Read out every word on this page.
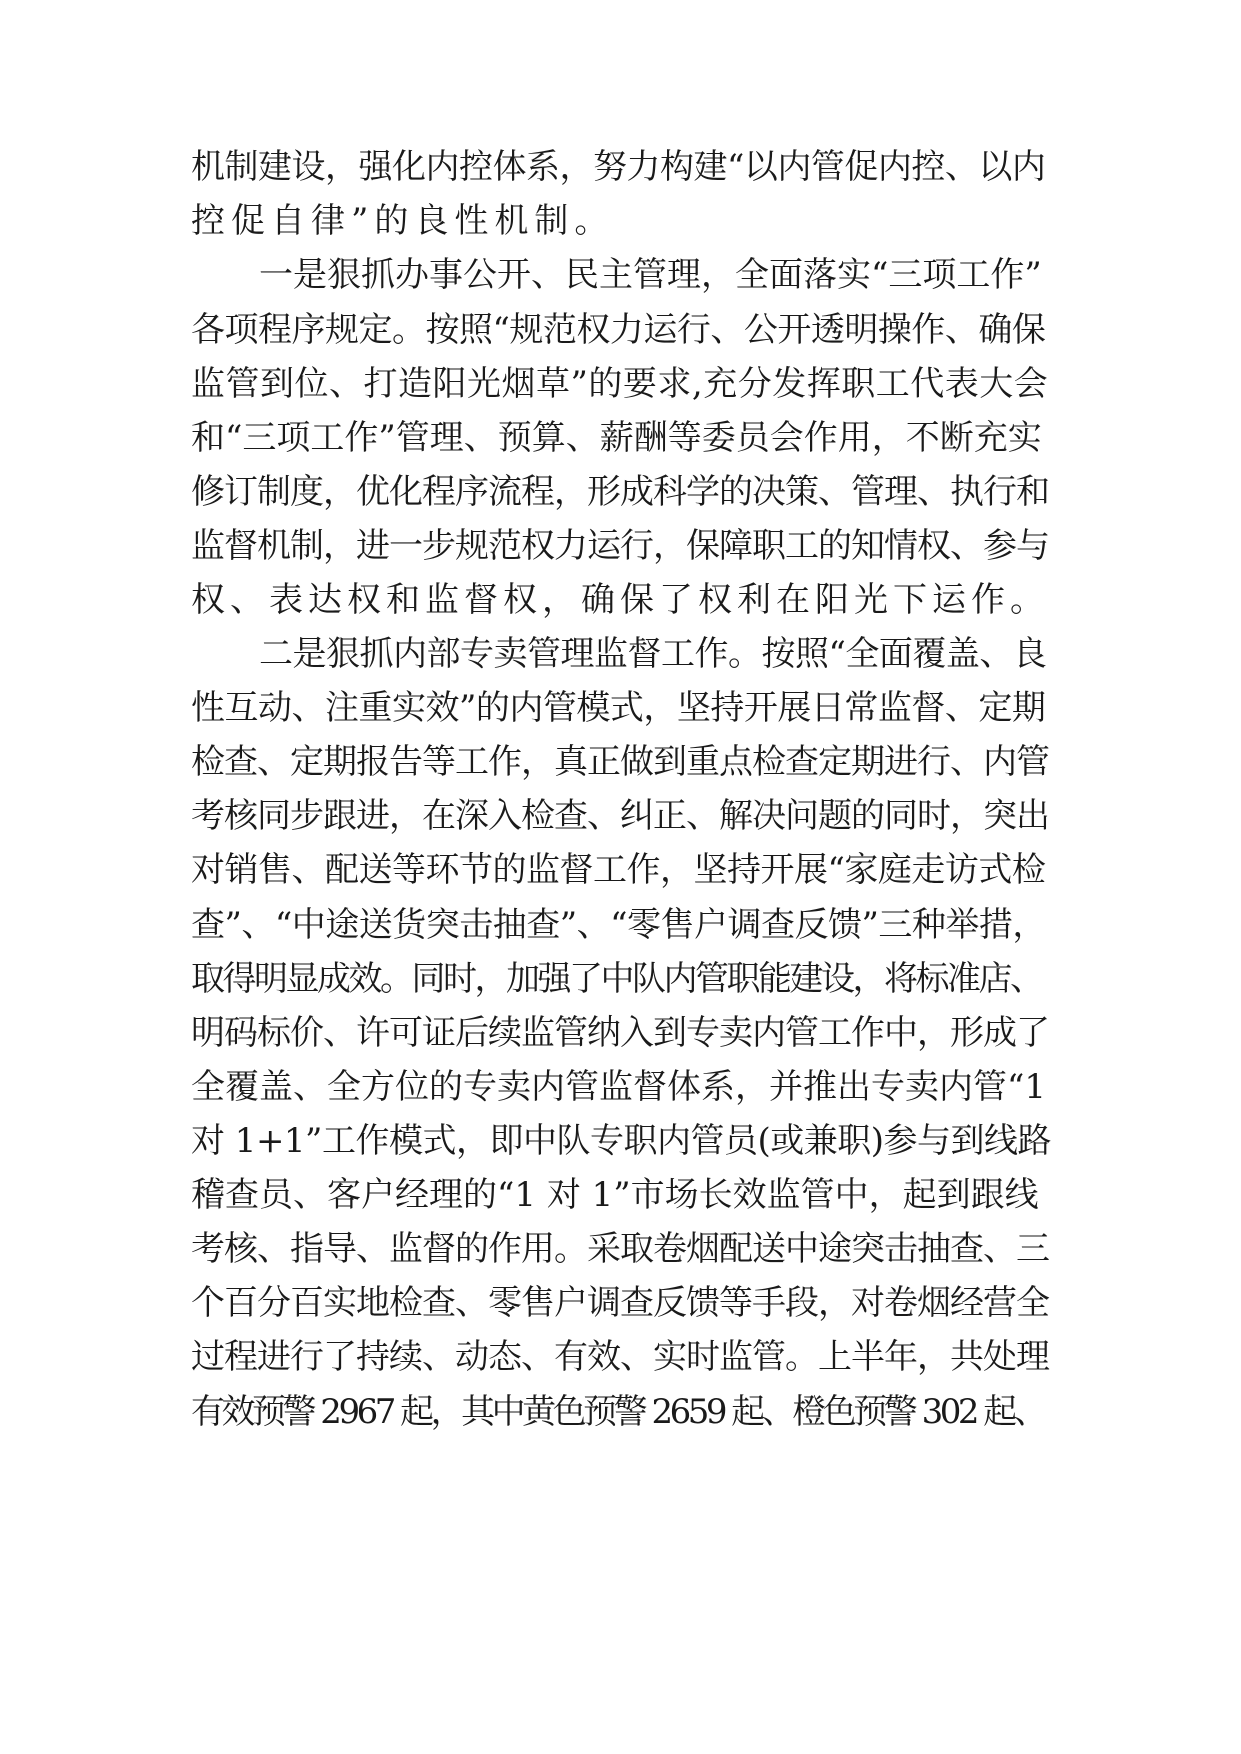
机制建设，强化内控体系，努力构建“以内管促内控、以内
控促自律”的良性机制。
一是狠抓办事公开、民主管理，全面落实“三项工作”
各项程序规定。按照“规范权力运行、公开透明操作、确保
监管到位、打造阳光烟草”的要求,充分发挥职工代表大会
和“三项工作”管理、预算、薪酬等委员会作用，不断充实
修订制度，优化程序流程，形成科学的决策、管理、执行和
监督机制，进一步规范权力运行，保障职工的知情权、参与
权、表达权和监督权，确保了权利在阳光下运作。
二是狠抓内部专卖管理监督工作。按照“全面覆盖、良
性互动、注重实效”的内管模式，坚持开展日常监督、定期
检查、定期报告等工作，真正做到重点检查定期进行、内管
考核同步跟进，在深入检查、纠正、解决问题的同时，突出
对销售、配送等环节的监督工作，坚持开展“家庭走访式检
查”、“中途送货突击抽查”、“零售户调查反馈”三种举措，
取得明显成效。同时，加强了中队内管职能建设，将标准店、
明码标价、许可证后续监管纳入到专卖内管工作中，形成了
全覆盖、全方位的专卖内管监督体系，并推出专卖内管“1
对 1+1”工作模式，即中队专职内管员(或兼职)参与到线路
稽查员、客户经理的“1 对 1”市场长效监管中，起到跟线
考核、指导、监督的作用。采取卷烟配送中途突击抽查、三
个百分百实地检查、零售户调查反馈等手段，对卷烟经营全
过程进行了持续、动态、有效、实时监管。上半年，共处理
有效预警 2967 起，其中黄色预警 2659 起、橙色预警 302 起、
